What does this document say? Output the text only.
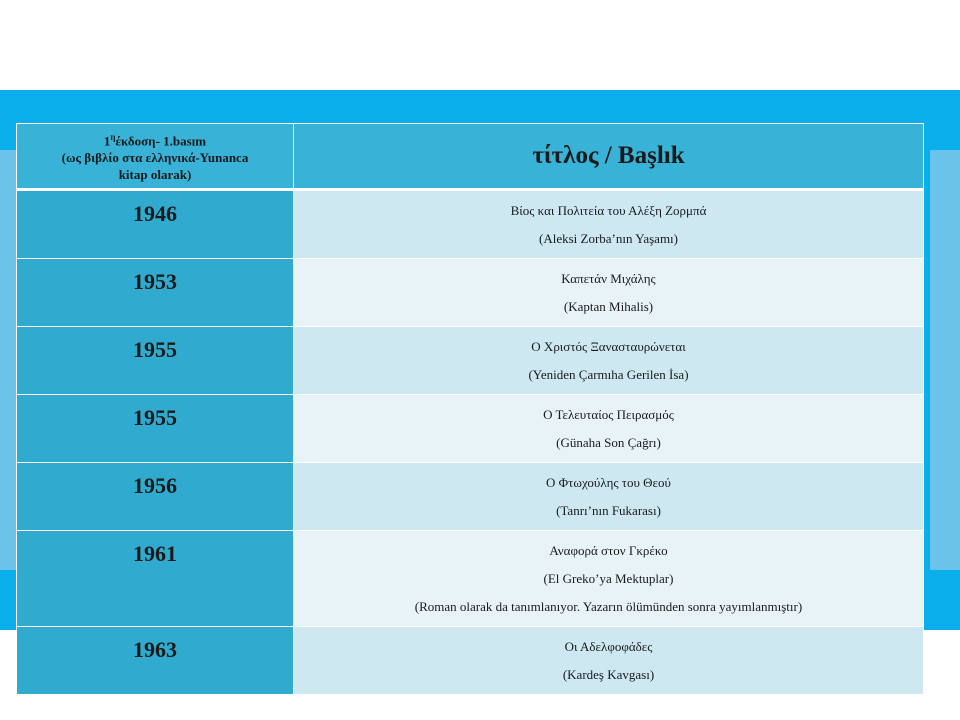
$1^\eta έ\kappa\delta o\sigma\eta-$ 1.basım
(ως βιβλίο στα ελληνικά-Yunanca
kitap olarak)	τίτλος / Başlık
1946	Βίος και Πολιτεία του Αλέξη Ζορμπά
(Aleksi Zorba’nın Yaşamı)

1953	Καπετάν Μιχάλης
(Kaptan Mihalis)

1955	Ο Χριστός Ξανασταυρώνεται
(Yeniden Çarmıha Gerilen İsa)

1955	Ο Τελευταίος Πειρασμός
(Günaha Son Çağrı)

1956	Ο Φτωχούλης του Θεού
(Tanrı’nın Fukarası)

1961	Αναφορά στον Γκρέκο
(El Greko’ya Mektuplar)
(Roman olarak da tanımlanıyor. Yazarın ölümünden sonra yayımlanmıştır)

1963	Οι Αδελφοφάδες
(Kardeş Kavgası)
